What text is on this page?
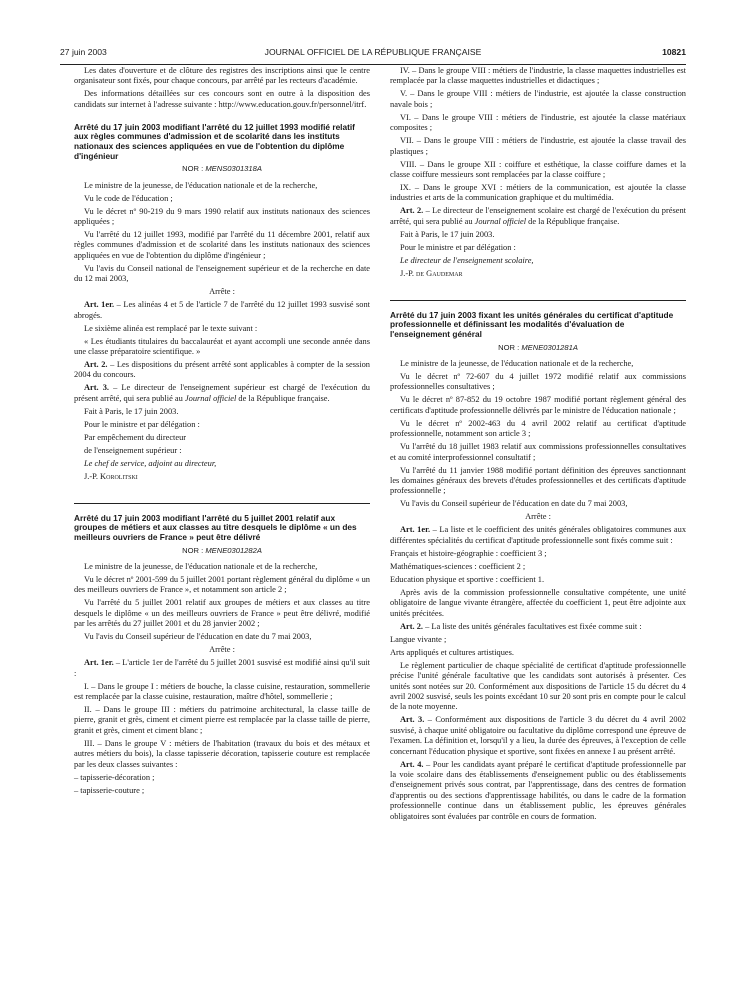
27 juin 2003	JOURNAL OFFICIEL DE LA RÉPUBLIQUE FRANÇAISE	10821

Les dates d'ouverture et de clôture des registres des inscriptions ainsi que le centre organisateur sont fixés, pour chaque concours, par arrêté par les recteurs d'académie.

Des informations détaillées sur ces concours sont en outre à la disposition des candidats sur internet à l'adresse suivante : http://www.education.gouv.fr/personnel/itrf.

Arrêté du 17 juin 2003 modifiant l'arrêté du 12 juillet 1993 modifié relatif aux règles communes d'admission et de scolarité dans les instituts nationaux des sciences appliquées en vue de l'obtention du diplôme d'ingénieur
NOR : MENS0301318A

Le ministre de la jeunesse, de l'éducation nationale et de la recherche,

Vu le code de l'éducation ;

Vu le décret nº 90-219 du 9 mars 1990 relatif aux instituts nationaux des sciences appliquées ;

Vu l'arrêté du 12 juillet 1993, modifié par l'arrêté du 11 décembre 2001, relatif aux règles communes d'admission et de scolarité dans les instituts nationaux des sciences appliquées en vue de l'obtention du diplôme d'ingénieur ;

Vu l'avis du Conseil national de l'enseignement supérieur et de la recherche en date du 12 mai 2003,

Arrête :

Art. 1er. – Les alinéas 4 et 5 de l'article 7 de l'arrêté du 12 juillet 1993 susvisé sont abrogés.

Le sixième alinéa est remplacé par le texte suivant :

« Les étudiants titulaires du baccalauréat et ayant accompli une seconde année dans une classe préparatoire scientifique. »

Art. 2. – Les dispositions du présent arrêté sont applicables à compter de la session 2004 du concours.

Art. 3. – Le directeur de l'enseignement supérieur est chargé de l'exécution du présent arrêté, qui sera publié au Journal officiel de la République française.

Fait à Paris, le 17 juin 2003.

Pour le ministre et par délégation :

Par empêchement du directeur

de l'enseignement supérieur :

Le chef de service, adjoint au directeur,

J.-P. Korolitski

Arrêté du 17 juin 2003 modifiant l'arrêté du 5 juillet 2001 relatif aux groupes de métiers et aux classes au titre desquels le diplôme « un des meilleurs ouvriers de France » peut être délivré
NOR : MENE0301282A

Le ministre de la jeunesse, de l'éducation nationale et de la recherche,

Vu le décret nº 2001-599 du 5 juillet 2001 portant règlement général du diplôme « un des meilleurs ouvriers de France », et notamment son article 2 ;

Vu l'arrêté du 5 juillet 2001 relatif aux groupes de métiers et aux classes au titre desquels le diplôme « un des meilleurs ouvriers de France » peut être délivré, modifié par les arrêtés du 27 juillet 2001 et du 28 janvier 2002 ;

Vu l'avis du Conseil supérieur de l'éducation en date du 7 mai 2003,

Arrête :

Art. 1er. – L'article 1er de l'arrêté du 5 juillet 2001 susvisé est modifié ainsi qu'il suit :

I. – Dans le groupe I : métiers de bouche, la classe cuisine, restauration, sommellerie est remplacée par la classe cuisine, restauration, maître d'hôtel, sommellerie ;

II. – Dans le groupe III : métiers du patrimoine architectural, la classe taille de pierre, granit et grès, ciment et ciment pierre est remplacée par la classe taille de pierre, granit et grès, ciment et ciment blanc ;

III. – Dans le groupe V : métiers de l'habitation (travaux du bois et des métaux et autres métiers du bois), la classe tapisserie décoration, tapisserie couture est remplacée par les deux classes suivantes :

– tapisserie-décoration ;

– tapisserie-couture ;

IV. – Dans le groupe VIII : métiers de l'industrie, la classe maquettes industrielles est remplacée par la classe maquettes industrielles et didactiques ;

V. – Dans le groupe VIII : métiers de l'industrie, est ajoutée la classe construction navale bois ;

VI. – Dans le groupe VIII : métiers de l'industrie, est ajoutée la classe matériaux composites ;

VII. – Dans le groupe VIII : métiers de l'industrie, est ajoutée la classe travail des plastiques ;

VIII. – Dans le groupe XII : coiffure et esthétique, la classe coiffure dames et la classe coiffure messieurs sont remplacées par la classe coiffure ;

IX. – Dans le groupe XVI : métiers de la communication, est ajoutée la classe industries et arts de la communication graphique et du multimédia.

Art. 2. – Le directeur de l'enseignement scolaire est chargé de l'exécution du présent arrêté, qui sera publié au Journal officiel de la République française.

Fait à Paris, le 17 juin 2003.

Pour le ministre et par délégation :

Le directeur de l'enseignement scolaire,

J.-P. de Gaudemar

Arrêté du 17 juin 2003 fixant les unités générales du certificat d'aptitude professionnelle et définissant les modalités d'évaluation de l'enseignement général
NOR : MENE0301281A

Le ministre de la jeunesse, de l'éducation nationale et de la recherche,

Vu le décret nº 72-607 du 4 juillet 1972 modifié relatif aux commissions professionnelles consultatives ;

Vu le décret nº 87-852 du 19 octobre 1987 modifié portant règlement général des certificats d'aptitude professionnelle délivrés par le ministre de l'éducation nationale ;

Vu le décret nº 2002-463 du 4 avril 2002 relatif au certificat d'aptitude professionnelle, notamment son article 3 ;

Vu l'arrêté du 18 juillet 1983 relatif aux commissions professionnelles consultatives et au comité interprofessionnel consultatif ;

Vu l'arrêté du 11 janvier 1988 modifié portant définition des épreuves sanctionnant les domaines généraux des brevets d'études professionnelles et des certificats d'aptitude professionnelle ;

Vu l'avis du Conseil supérieur de l'éducation en date du 7 mai 2003,

Arrête :

Art. 1er. – La liste et le coefficient des unités générales obligatoires communes aux différentes spécialités du certificat d'aptitude professionnelle sont fixés comme suit :

Français et histoire-géographie : coefficient 3 ;

Mathématiques-sciences : coefficient 2 ;

Education physique et sportive : coefficient 1.

Après avis de la commission professionnelle consultative compétente, une unité obligatoire de langue vivante étrangère, affectée du coefficient 1, peut être adjointe aux unités précitées.

Art. 2. – La liste des unités générales facultatives est fixée comme suit :

Langue vivante ;

Arts appliqués et cultures artistiques.

Le règlement particulier de chaque spécialité de certificat d'aptitude professionnelle précise l'unité générale facultative que les candidats sont autorisés à présenter. Ces unités sont notées sur 20. Conformément aux dispositions de l'article 15 du décret du 4 avril 2002 susvisé, seuls les points excédant 10 sur 20 sont pris en compte pour le calcul de la note moyenne.

Art. 3. – Conformément aux dispositions de l'article 3 du décret du 4 avril 2002 susvisé, à chaque unité obligatoire ou facultative du diplôme correspond une épreuve de l'examen. La définition et, lorsqu'il y a lieu, la durée des épreuves, à l'exception de celle concernant l'éducation physique et sportive, sont fixées en annexe I au présent arrêté.

Art. 4. – Pour les candidats ayant préparé le certificat d'aptitude professionnelle par la voie scolaire dans des établissements d'enseignement public ou des établissements d'enseignement privés sous contrat, par l'apprentissage, dans des centres de formation d'apprentis ou des sections d'apprentissage habilités, ou dans le cadre de la formation professionnelle continue dans un établissement public, les épreuves générales obligatoires sont évaluées par contrôle en cours de formation.
